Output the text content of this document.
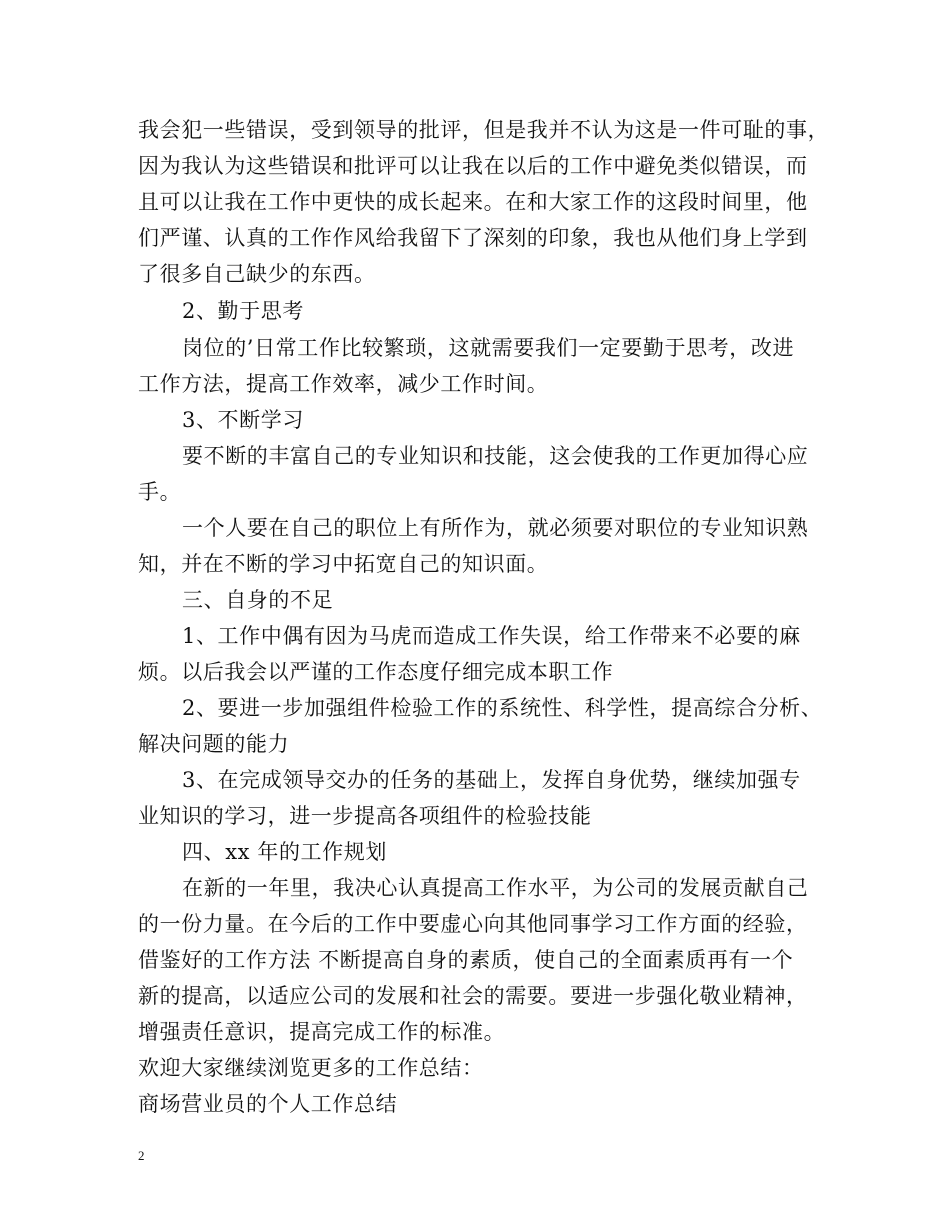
我会犯一些错误，受到领导的批评，但是我并不认为这是一件可耻的事，
因为我认为这些错误和批评可以让我在以后的工作中避免类似错误，而
且可以让我在工作中更快的成长起来。在和大家工作的这段时间里，他
们严谨、认真的工作作风给我留下了深刻的印象，我也从他们身上学到
了很多自己缺少的东西。
2、勤于思考
岗位的’日常工作比较繁琐，这就需要我们一定要勤于思考，改进
工作方法，提高工作效率，减少工作时间。
3、不断学习
要不断的丰富自己的专业知识和技能，这会使我的工作更加得心应
手。
一个人要在自己的职位上有所作为，就必须要对职位的专业知识熟
知，并在不断的学习中拓宽自己的知识面。
三、自身的不足
1、工作中偶有因为马虎而造成工作失误，给工作带来不必要的麻
烦。以后我会以严谨的工作态度仔细完成本职工作
2、要进一步加强组件检验工作的系统性、科学性，提高综合分析、
解决问题的能力
3、在完成领导交办的任务的基础上，发挥自身优势，继续加强专
业知识的学习，进一步提高各项组件的检验技能
四、xx 年的工作规划
在新的一年里，我决心认真提高工作水平，为公司的发展贡献自己
的一份力量。在今后的工作中要虚心向其他同事学习工作方面的经验，
借鉴好的工作方法 不断提高自身的素质，使自己的全面素质再有一个
新的提高，以适应公司的发展和社会的需要。要进一步强化敬业精神，
增强责任意识，提高完成工作的标准。
欢迎大家继续浏览更多的工作总结：
商场营业员的个人工作总结
2
